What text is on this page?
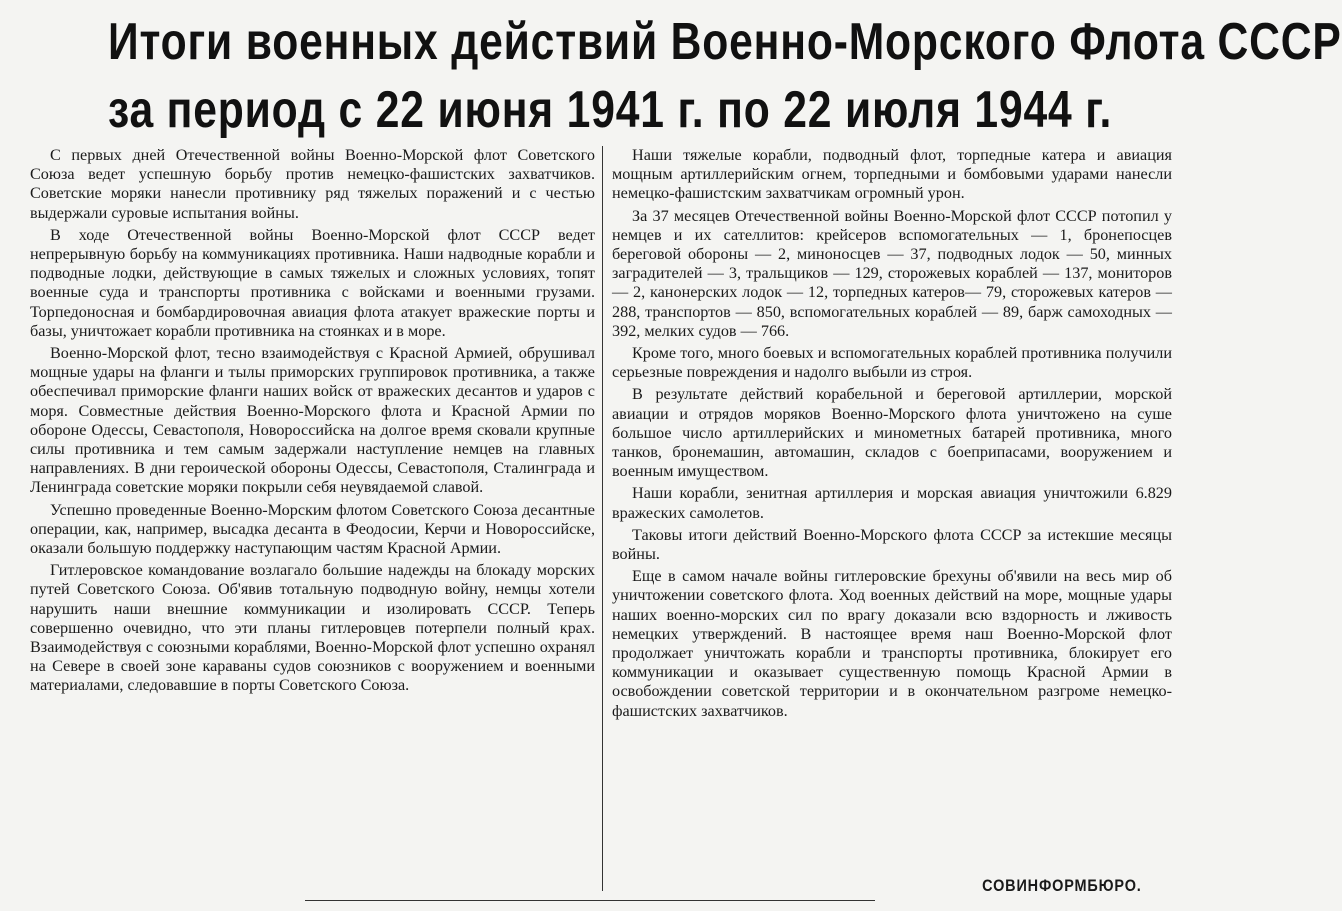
Итоги военных действий Военно-Морского Флота СССР
за период с 22 июня 1941 г. по 22 июля 1944 г.

С первых дней Отечественной войны Военно-Морской флот Советского Союза ведет успешную борьбу против немецко-фашистских захватчиков. Советские моряки нанесли противнику ряд тяжелых поражений и с честью выдержали суровые испытания войны.

В ходе Отечественной войны Военно-Морской флот СССР ведет непрерывную борьбу на коммуникациях противника. Наши надводные корабли и подводные лодки, действующие в самых тяжелых и сложных условиях, топят военные суда и транспорты противника с войсками и военными грузами. Торпедоносная и бомбардировочная авиация флота атакует вражеские порты и базы, уничтожает корабли противника на стоянках и в море.

Военно-Морской флот, тесно взаимодействуя с Красной Армией, обрушивал мощные удары на фланги и тылы приморских группировок противника, а также обеспечивал приморские фланги наших войск от вражеских десантов и ударов с моря. Совместные действия Военно-Морского флота и Красной Армии по обороне Одессы, Севастополя, Новороссийска на долгое время сковали крупные силы противника и тем самым задержали наступление немцев на главных направлениях. В дни героической обороны Одессы, Севастополя, Сталинграда и Ленинграда советские моряки покрыли себя неувядаемой славой.

Успешно проведенные Военно-Морским флотом Советского Союза десантные операции, как, например, высадка десанта в Феодосии, Керчи и Новороссийске, оказали большую поддержку наступающим частям Красной Армии.

Гитлеровское командование возлагало большие надежды на блокаду морских путей Советского Союза. Об'явив тотальную подводную войну, немцы хотели нарушить наши внешние коммуникации и изолировать СССР. Теперь совершенно очевидно, что эти планы гитлеровцев потерпели полный крах. Взаимодействуя с союзными кораблями, Военно-Морской флот успешно охранял на Севере в своей зоне караваны судов союзников с вооружением и военными материалами, следовавшие в порты Советского Союза.

Наши тяжелые корабли, подводный флот, торпедные катера и авиация мощным артиллерийским огнем, торпедными и бомбовыми ударами нанесли немецко-фашистским захватчикам огромный урон.

За 37 месяцев Отечественной войны Военно-Морской флот СССР потопил у немцев и их сателлитов: крейсеров вспомогательных — 1, бронепосцев береговой обороны — 2, миноносцев — 37, подводных лодок — 50, минных заградителей — 3, тральщиков — 129, сторожевых кораблей — 137, мониторов — 2, канонерских лодок — 12, торпедных катеров— 79, сторожевых катеров — 288, транспортов — 850, вспомогательных кораблей — 89, барж самоходных — 392, мелких судов — 766.

Кроме того, много боевых и вспомогательных кораблей противника получили серьезные повреждения и надолго выбыли из строя.

В результате действий корабельной и береговой артиллерии, морской авиации и отрядов моряков Военно-Морского флота уничтожено на суше большое число артиллерийских и минометных батарей противника, много танков, бронемашин, автомашин, складов с боеприпасами, вооружением и военным имуществом.

Наши корабли, зенитная артиллерия и морская авиация уничтожили 6.829 вражеских самолетов.

Таковы итоги действий Военно-Морского флота СССР за истекшие месяцы войны.

Еще в самом начале войны гитлеровские брехуны об'явили на весь мир об уничтожении советского флота. Ход военных действий на море, мощные удары наших военно-морских сил по врагу доказали всю вздорность и лживость немецких утверждений. В настоящее время наш Военно-Морской флот продолжает уничтожать корабли и транспорты противника, блокирует его коммуникации и оказывает существенную помощь Красной Армии в освобождении советской территории и в окончательном разгроме немецко-фашистских захватчиков.

СОВИНФОРМБЮРО.
